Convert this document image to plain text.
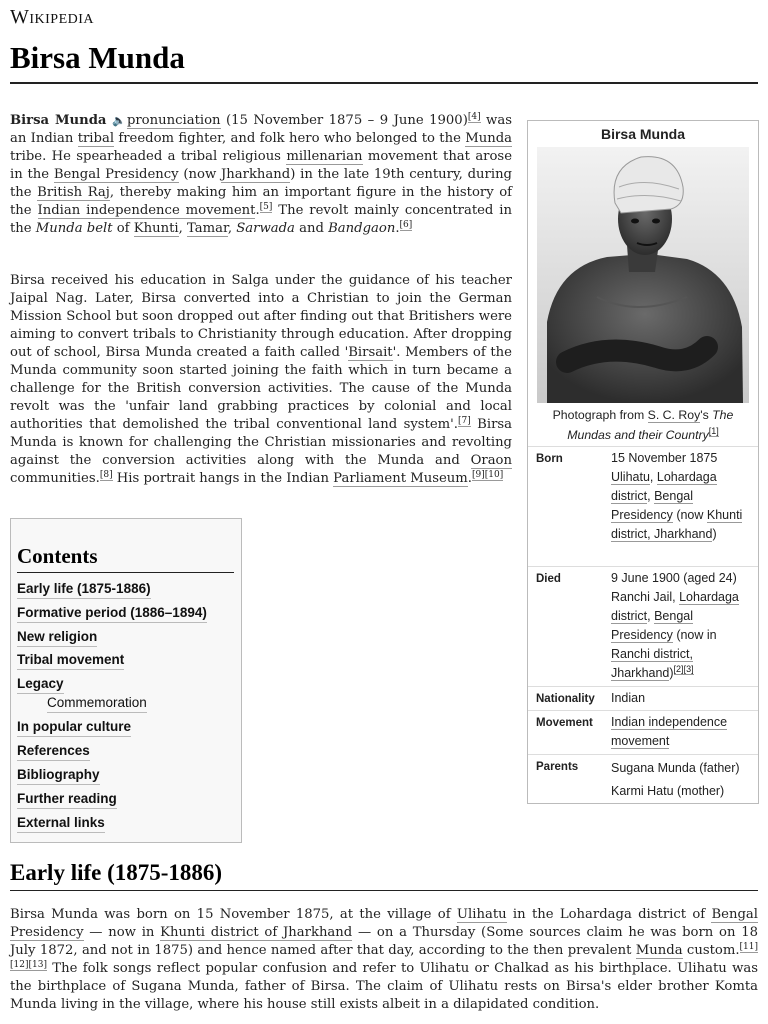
Wikipedia
Birsa Munda

Birsa Munda 🔈pronunciation (15 November 1875 – 9 June 1900)[4] was an Indian tribal freedom fighter, and folk hero who belonged to the Munda tribe. He spearheaded a tribal religious millenarian movement that arose in the Bengal Presidency (now Jharkhand) in the late 19th century, during the British Raj, thereby making him an important figure in the history of the Indian independence movement.[5] The revolt mainly concentrated in the Munda belt of Khunti, Tamar, Sarwada and Bandgaon.[6]

Birsa received his education in Salga under the guidance of his teacher Jaipal Nag. Later, Birsa converted into a Christian to join the German Mission School but soon dropped out after finding out that Britishers were aiming to convert tribals to Christianity through education. After dropping out of school, Birsa Munda created a faith called 'Birsait'. Members of the Munda community soon started joining the faith which in turn became a challenge for the British conversion activities. The cause of the Munda revolt was the 'unfair land grabbing practices by colonial and local authorities that demolished the tribal conventional land system'.[7] Birsa Munda is known for challenging the Christian missionaries and revolting against the conversion activities along with the Munda and Oraon communities.[8] His portrait hangs in the Indian Parliament Museum.[9][10]

Birsa Munda
Photograph from S. C. Roy's The Mundas and their Country[1]
Born	15 November 1875
Ulihatu, Lohardaga district, Bengal Presidency (now Khunti district, Jharkhand)
Died	9 June 1900 (aged 24)
Ranchi Jail, Lohardaga district, Bengal Presidency (now in Ranchi district, Jharkhand)[2][3]
Nationality Indian
Movement Indian independence movement
Parents	Sugana Munda (father)
Karmi Hatu (mother)
Contents
Early life (1875-1886)
Formative period (1886–1894)
New religion
Tribal movement
Legacy
Commemoration
In popular culture
References
Bibliography
Further reading
External links
Early life (1875-1886)

Birsa Munda was born on 15 November 1875, at the village of Ulihatu in the Lohardaga district of Bengal Presidency — now in Khunti district of Jharkhand — on a Thursday (Some sources claim he was born on 18 July 1872, and not in 1875) and hence named after that day, according to the then prevalent Munda custom.[11][12][13] The folk songs reflect popular confusion and refer to Ulihatu or Chalkad as his birthplace. Ulihatu was the birthplace of Sugana Munda, father of Birsa. The claim of Ulihatu rests on Birsa's elder brother Komta Munda living in the village, where his house still exists albeit in a dilapidated condition.
